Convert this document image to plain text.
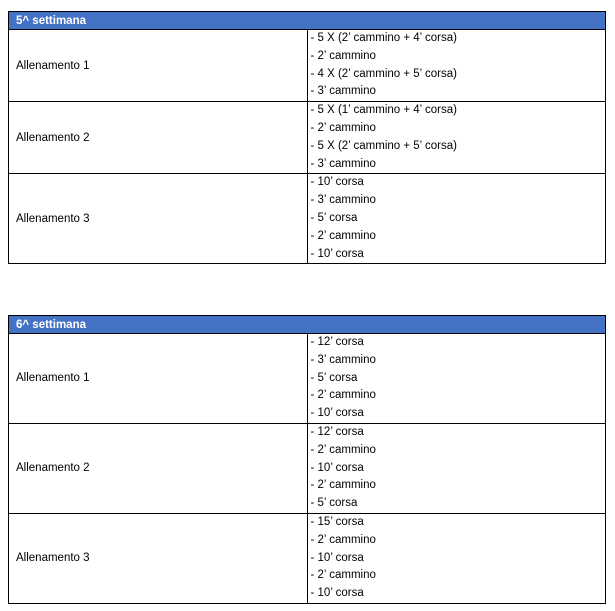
5^ settimana	
Allenamento 1	- 5 X (2’ cammino + 4’ corsa)
- 2’ cammino
- 4 X (2’ cammino + 5’ corsa)
- 3’ cammino

Allenamento 2	- 5 X (1’ cammino + 4’ corsa)
- 2’ cammino
- 5 X (2’ cammino + 5’ corsa)
- 3’ cammino

Allenamento 3	- 10’ corsa
- 3’ cammino
- 5’ corsa
- 2’ cammino
- 10’ corsa
6^ settimana	
Allenamento 1	- 12’ corsa
- 3’ cammino
- 5’ corsa
- 2’ cammino
- 10’ corsa

Allenamento 2	- 12’ corsa
- 2’ cammino
- 10’ corsa
- 2’ cammino
- 5’ corsa

Allenamento 3	- 15’ corsa
- 2’ cammino
- 10’ corsa
- 2’ cammino
- 10’ corsa
